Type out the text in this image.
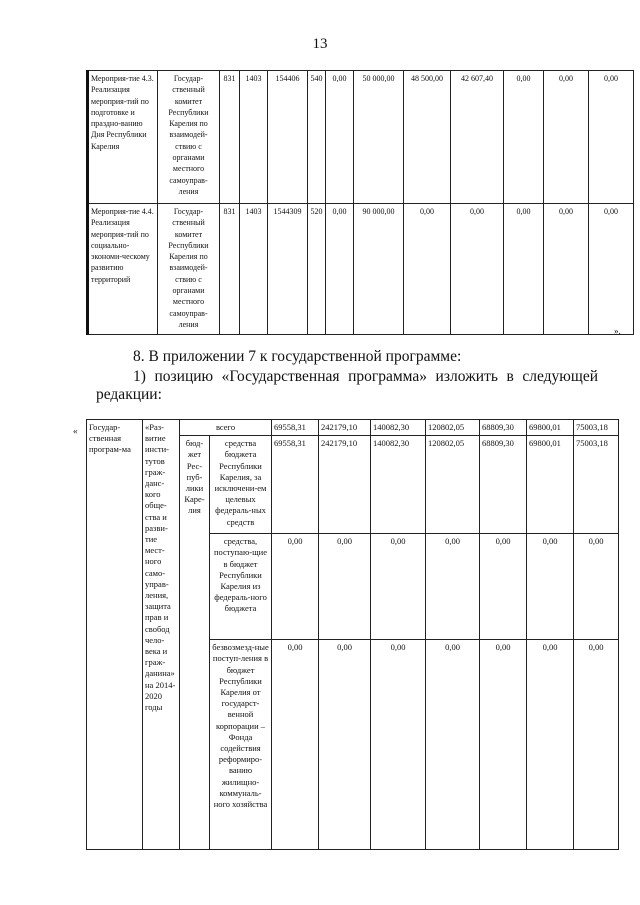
13
Мероприя-тие 4.3. Реализация мероприя-тий по подготовке и праздно-ванию Дня Республики Карелия	Государ-ственный комитет Республики Карелия по взаимодей-ствию с органами местного самоуправ-ления	831	1403	154406	540	0,00	50 000,00	48 500,00	42 607,40	0,00	0,00	0,00
Мероприя-тие 4.4. Реализация мероприя-тий по социально-экономи-ческому развитию территорий	Государ-ственный комитет Республики Карелия по взаимодей-ствию с органами местного самоуправ-ления	831	1403	1544309	520	0,00	90 000,00	0,00	0,00	0,00	0,00	0,00
».
8. В приложении 7 к государственной программе:
1) позицию «Государственная программа» изложить в следующей
редакции:
« Государ-ственная програм-ма	«Раз-витие инсти-тутов граж-данс-кого обще-ства и разви-тие мест-ного само-управ-ления, защита прав и свобод чело-века и граж-данина» на 2014-2020 годы	всего		69558,31	242179,10	140082,30	120802,05	68809,30	69800,01	75003,18
		бюд-жет Рес-пуб-лики Каре-лия	средства бюджета Республики Карелия, за исключени-ем целевых федераль-ных средств	69558,31	242179,10	140082,30	120802,05	68809,30	69800,01	75003,18
			средства, поступаю-щие в бюджет Республики Карелия из федераль-ного бюджета	0,00	0,00	0,00	0,00	0,00	0,00	0,00
			безвозмезд-ные поступ-ления в бюджет Республики Карелия от государст-венной корпорации – Фонда содействия реформиро-ванию жилищно-коммуналь-ного хозяйства	0,00	0,00	0,00	0,00	0,00	0,00	0,00
